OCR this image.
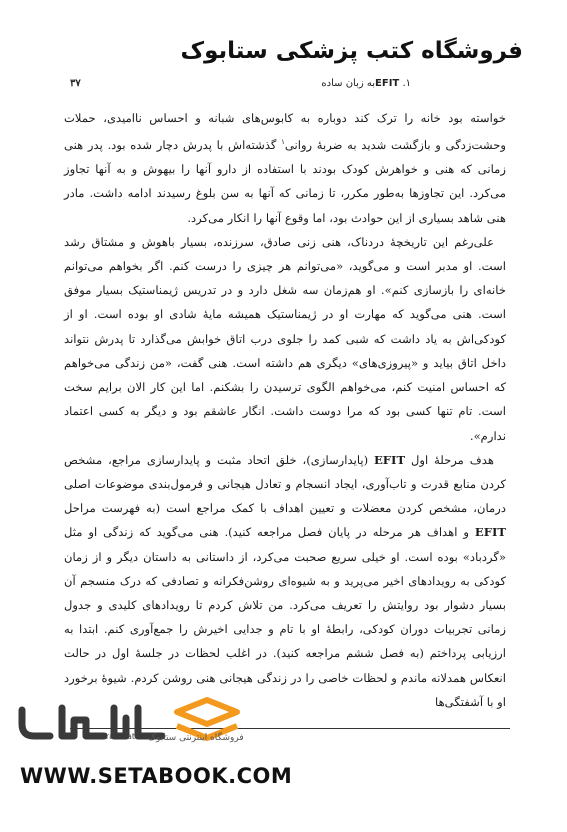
فروشگاه کتب پزشکی ستابوک
۳۷	۱. EFITبه زبان ساده

خواسته بود خانه را ترک کند دوباره به کابوس‌های شبانه و احساس ناامیدی، حملات وحشت‌زدگی و بازگشت شدید به ضربهٔ روانی$^۱$ گذشته‌اش با پدرش دچار شده بود. پدر هنی زمانی که هنی و خواهرش کودک بودند با استفاده از دارو آنها را بیهوش و به آنها تجاوز می‌کرد. این تجاوزها به‌طور مکرر، تا زمانی که آنها به سن بلوغ رسیدند ادامه داشت. مادر هنی شاهد بسیاری از این حوادث بود، اما وقوع آنها را انکار می‌کرد.

علی‌رغم این تاریخچهٔ دردناک، هنی زنی صادق، سرزنده، بسیار باهوش و مشتاق رشد است. او مدبر است و می‌گوید، «می‌توانم هر چیزی را درست کنم. اگر بخواهم می‌توانم خانه‌ای را بازسازی کنم». او هم‌زمان سه شغل دارد و در تدریس ژیمناستیک بسیار موفق است. هنی می‌گوید که مهارت او در ژیمناستیک همیشه مایهٔ شادی او بوده است. او از کودکی‌اش به یاد داشت که شبی کمد را جلوی درب اتاق خوابش می‌گذارد تا پدرش نتواند داخل اتاق بیاید و «پیروزی‌های» دیگری هم داشته است. هنی گفت، «من زندگی می‌خواهم که احساس امنیت کنم، می‌خواهم الگوی ترسیدن را بشکنم. اما این کار الان برایم سخت است. تام تنها کسی بود که مرا دوست داشت. انگار عاشقم بود و دیگر به کسی اعتماد ندارم».

هدف مرحلهٔ اول EFIT (پایدارسازی)، خلق اتحاد مثبت و پایدارسازی مراجع، مشخص کردن منابع قدرت و تاب‌آوری، ایجاد انسجام و تعادل هیجانی و فرمول‌بندی موضوعات اصلی درمان، مشخص کردن معضلات و تعیین اهداف با کمک مراجع است (به فهرست مراحل EFIT و اهداف هر مرحله در پایان فصل مراجعه کنید). هنی می‌گوید که زندگی او مثل «گردباد» بوده است. او خیلی سریع صحبت می‌کرد، از داستانی به داستان دیگر و از زمان کودکی به رویدادهای اخیر می‌پرید و به شیوه‌ای روشن‌فکرانه و تصادفی که درک منسجم آن بسیار دشوار بود روایتش را تعریف می‌کرد. من تلاش کردم تا رویدادهای کلیدی و جدول زمانی تجربیات دوران کودکی، رابطهٔ او با تام و جدایی اخیرش را جمع‌آوری کنم. ابتدا به ارزیابی پرداختم (به فصل ششم مراجعه کنید). در اغلب لحظات در جلسهٔ اول در حالت انعکاس همدلانه ماندم و لحظات خاصی را در زندگی هیجانی هنی روشن کردم. شیوهٔ برخورد او با آشفتگی‌ها

1. Traumatic فروشگاه اینترنتی ستابوک
WWW.SETABOOK.COM
